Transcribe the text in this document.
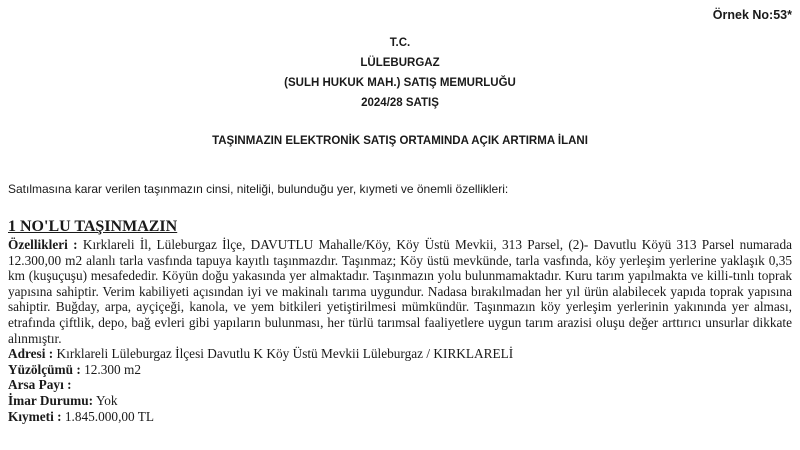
Örnek No:53*
T.C.
LÜLEBURGAZ
(SULH HUKUK MAH.) SATIŞ MEMURLUĞU
2024/28 SATIŞ
TAŞINMAZIN ELEKTRONİK SATIŞ ORTAMINDA AÇIK ARTIRMA İLANI
Satılmasına karar verilen taşınmazın cinsi, niteliği, bulunduğu yer, kıymeti ve önemli özellikleri:

1 NO'LU TAŞINMAZIN

Özellikleri : Kırklareli İl, Lüleburgaz İlçe, DAVUTLU Mahalle/Köy, Köy Üstü Mevkii, 313 Parsel, (2)- Davutlu Köyü 313 Parsel numarada 12.300,00 m2 alanlı tarla vasfında tapuya kayıtlı taşınmazdır. Taşınmaz; Köy üstü mevkünde, tarla vasfında, köy yerleşim yerlerine yaklaşık 0,35 km (kuşuçuşu) mesafededir. Köyün doğu yakasında yer almaktadır. Taşınmazın yolu bulunmamaktadır. Kuru tarım yapılmakta ve killi-tınlı toprak yapısına sahiptir. Verim kabiliyeti açısından iyi ve makinalı tarıma uygundur. Nadasa bırakılmadan her yıl ürün alabilecek yapıda toprak yapısına sahiptir. Buğday, arpa, ayçiçeği, kanola, ve yem bitkileri yetiştirilmesi mümkündür. Taşınmazın köy yerleşim yerlerinin yakınında yer alması, etrafında çiftlik, depo, bağ evleri gibi yapıların bulunması, her türlü tarımsal faaliyetlere uygun tarım arazisi oluşu değer arttırıcı unsurlar dikkate alınmıştır.

Adresi : Kırklareli Lüleburgaz İlçesi Davutlu K Köy Üstü Mevkii Lüleburgaz / KIRKLARELİ

Yüzölçümü : 12.300 m2

Arsa Payı :

İmar Durumu: Yok

Kıymeti : 1.845.000,00 TL
